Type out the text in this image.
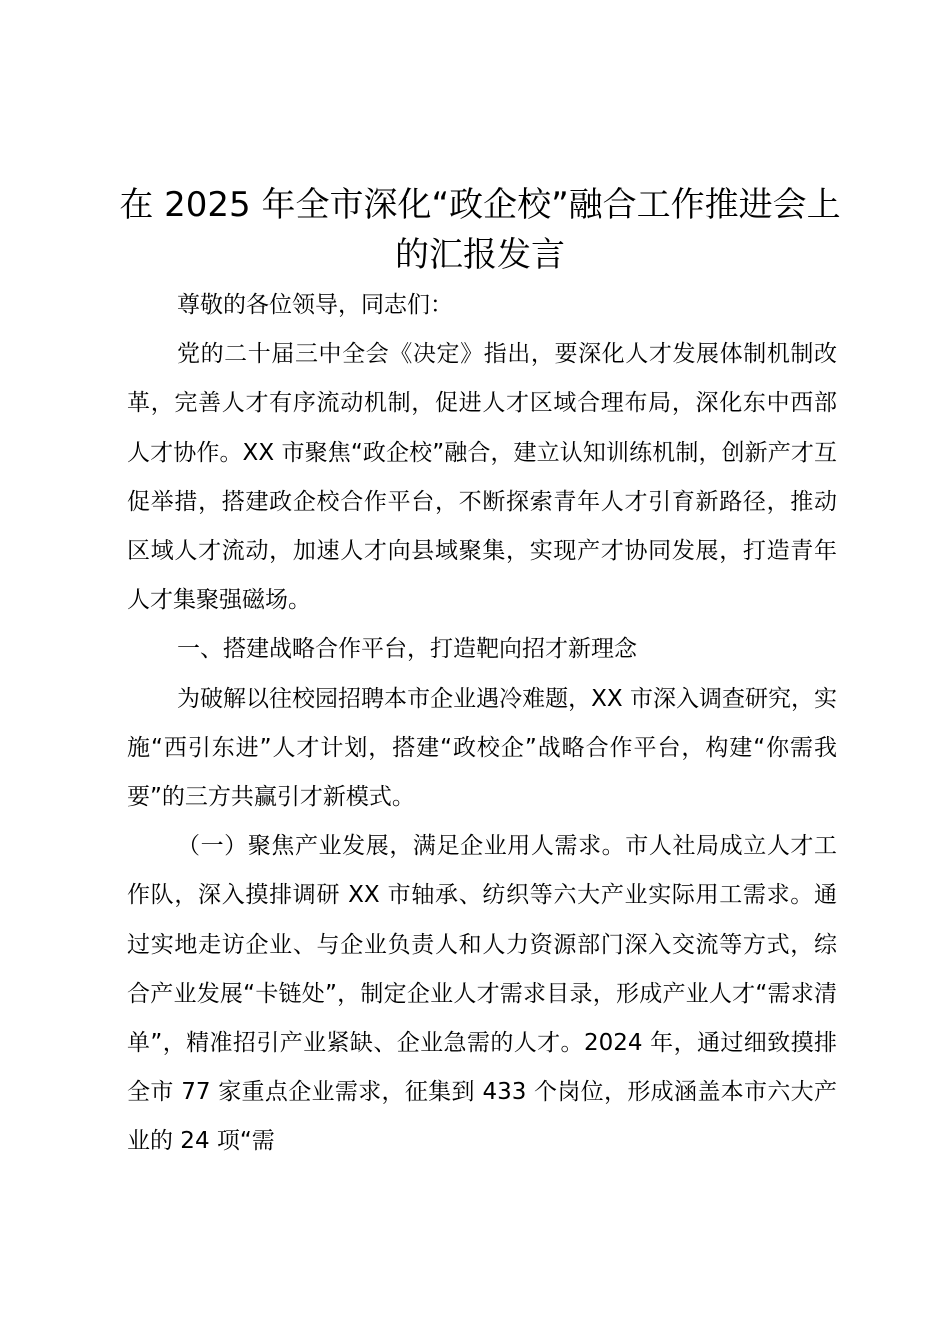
在 2025 年全市深化“政企校”融合工作推进会上的汇报发言

尊敬的各位领导，同志们：

党的二十届三中全会《决定》指出，要深化人才发展体制机制改革，完善人才有序流动机制，促进人才区域合理布局，深化东中西部人才协作。XX 市聚焦“政企校”融合，建立认知训练机制，创新产才互促举措，搭建政企校合作平台，不断探索青年人才引育新路径，推动区域人才流动，加速人才向县域聚集，实现产才协同发展，打造青年人才集聚强磁场。

一、搭建战略合作平台，打造靶向招才新理念

为破解以往校园招聘本市企业遇冷难题，XX 市深入调查研究，实施“西引东进”人才计划，搭建“政校企”战略合作平台，构建“你需我要”的三方共赢引才新模式。

（一）聚焦产业发展，满足企业用人需求。市人社局成立人才工作队，深入摸排调研 XX 市轴承、纺织等六大产业实际用工需求。通过实地走访企业、与企业负责人和人力资源部门深入交流等方式，综合产业发展“卡链处”，制定企业人才需求目录，形成产业人才“需求清单”，精准招引产业紧缺、企业急需的人才。2024 年，通过细致摸排全市 77 家重点企业需求，征集到 433 个岗位，形成涵盖本市六大产业的 24 项“需
